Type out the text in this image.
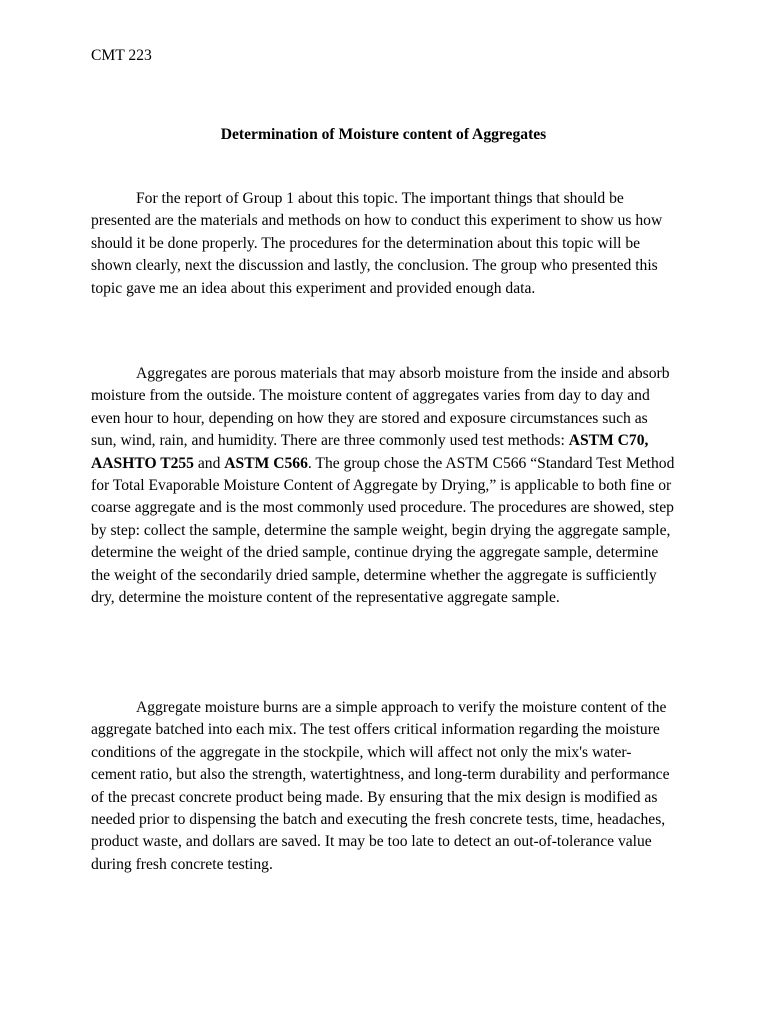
CMT 223

Determination of Moisture content of Aggregates

For the report of Group 1 about this topic. The important things that should be presented are the materials and methods on how to conduct this experiment to show us how should it be done properly. The procedures for the determination about this topic will be shown clearly, next the discussion and lastly, the conclusion. The group who presented this topic gave me an idea about this experiment and provided enough data.

Aggregates are porous materials that may absorb moisture from the inside and absorb moisture from the outside. The moisture content of aggregates varies from day to day and even hour to hour, depending on how they are stored and exposure circumstances such as sun, wind, rain, and humidity. There are three commonly used test methods: ASTM C70, AASHTO T255 and ASTM C566. The group chose the ASTM C566 “Standard Test Method for Total Evaporable Moisture Content of Aggregate by Drying,” is applicable to both fine or coarse aggregate and is the most commonly used procedure. The procedures are showed, step by step: collect the sample, determine the sample weight, begin drying the aggregate sample, determine the weight of the dried sample, continue drying the aggregate sample, determine the weight of the secondarily dried sample, determine whether the aggregate is sufficiently dry, determine the moisture content of the representative aggregate sample.

Aggregate moisture burns are a simple approach to verify the moisture content of the aggregate batched into each mix. The test offers critical information regarding the moisture conditions of the aggregate in the stockpile, which will affect not only the mix's water-cement ratio, but also the strength, watertightness, and long-term durability and performance of the precast concrete product being made. By ensuring that the mix design is modified as needed prior to dispensing the batch and executing the fresh concrete tests, time, headaches, product waste, and dollars are saved. It may be too late to detect an out-of-tolerance value during fresh concrete testing.
